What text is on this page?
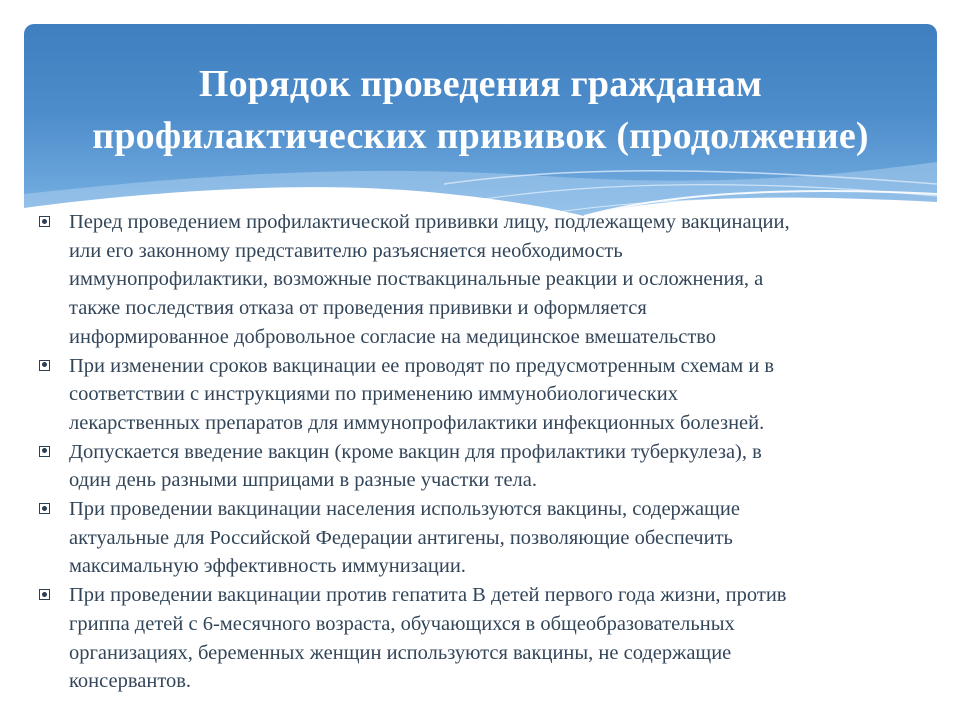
Порядок проведения гражданам
профилактических прививок (продолжение)
Перед проведением профилактической прививки лицу, подлежащему вакцинации,
или его законному представителю разъясняется необходимость
иммунопрофилактики, возможные поствакцинальные реакции и осложнения, а
также последствия отказа от проведения прививки и оформляется
информированное добровольное согласие на медицинское вмешательство
При изменении сроков вакцинации ее проводят по предусмотренным схемам и в
соответствии с инструкциями по применению иммунобиологических
лекарственных препаратов для иммунопрофилактики инфекционных болезней.
Допускается введение вакцин (кроме вакцин для профилактики туберкулеза), в
один день разными шприцами в разные участки тела.
При проведении вакцинации населения используются вакцины, содержащие
актуальные для Российской Федерации антигены, позволяющие обеспечить
максимальную эффективность иммунизации.
При проведении вакцинации против гепатита В детей первого года жизни, против
гриппа детей с 6-месячного возраста, обучающихся в общеобразовательных
организациях, беременных женщин используются вакцины, не содержащие
консервантов.
